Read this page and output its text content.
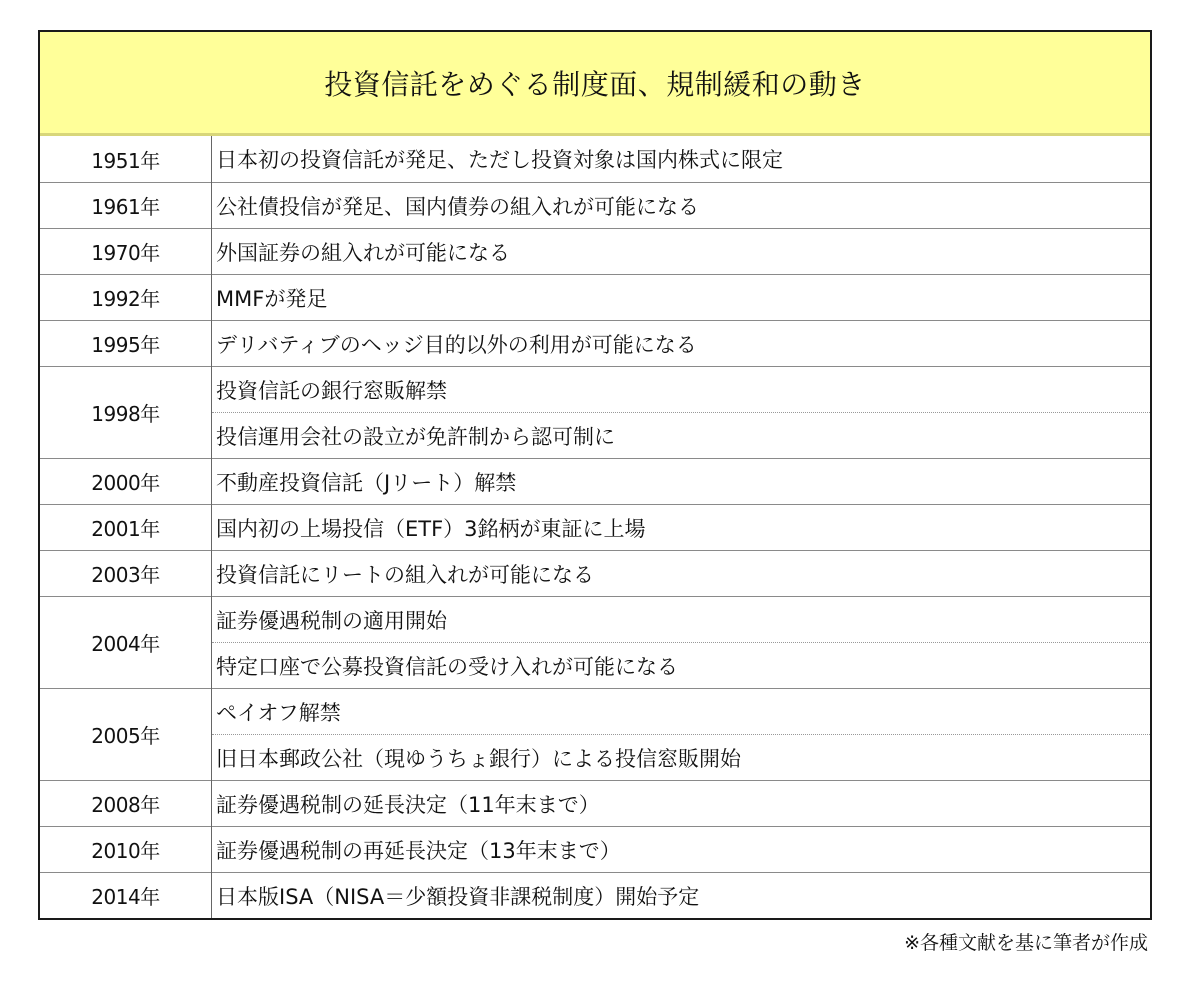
投資信託をめぐる制度面、規制緩和の動き
1951年	日本初の投資信託が発足、ただし投資対象は国内株式に限定
1961年	公社債投信が発足、国内債券の組入れが可能になる
1970年	外国証券の組入れが可能になる
1992年	MMFが発足
1995年	デリバティブのヘッジ目的以外の利用が可能になる
1998年	投資信託の銀行窓販解禁
	投信運用会社の設立が免許制から認可制に
2000年	不動産投資信託（Jリート）解禁
2001年	国内初の上場投信（ETF）3銘柄が東証に上場
2003年	投資信託にリートの組入れが可能になる
2004年	証券優遇税制の適用開始
	特定口座で公募投資信託の受け入れが可能になる
2005年	ペイオフ解禁
	旧日本郵政公社（現ゆうちょ銀行）による投信窓販開始
2008年	証券優遇税制の延長決定（11年末まで）
2010年	証券優遇税制の再延長決定（13年末まで）
2014年	日本版ISA（NISA＝少額投資非課税制度）開始予定
※各種文献を基に筆者が作成
